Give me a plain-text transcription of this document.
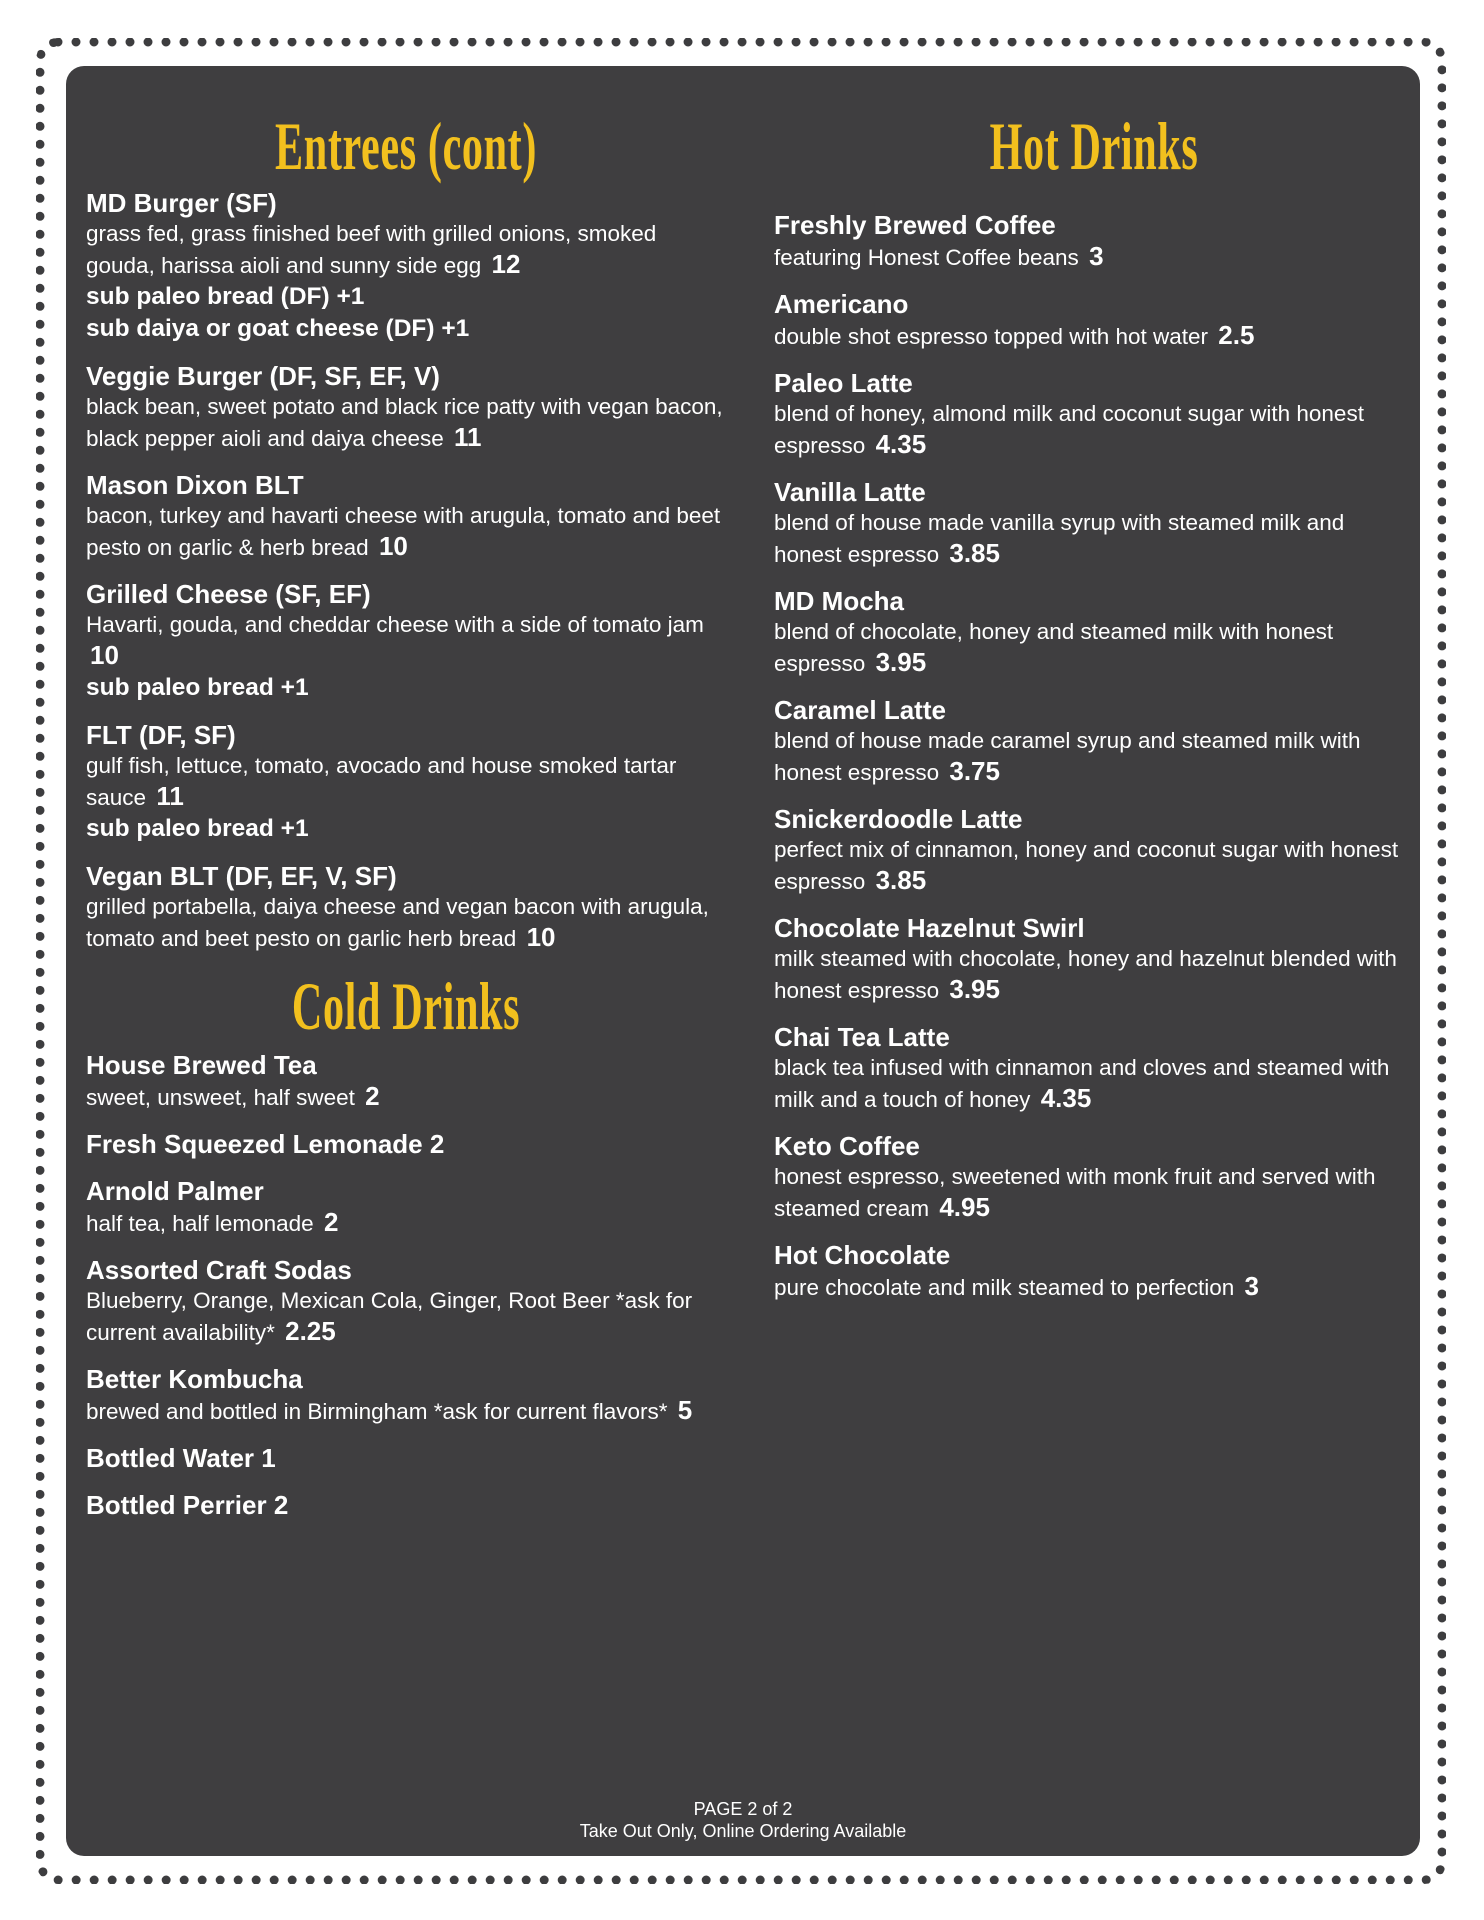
Entrees (cont)
MD Burger (SF)
grass fed, grass finished beef with grilled onions, smoked gouda, harissa aioli and sunny side egg 12
sub paleo bread (DF) +1
sub daiya or goat cheese (DF) +1
Veggie Burger (DF, SF, EF, V)
black bean, sweet potato and black rice patty with vegan bacon, black pepper aioli and daiya cheese 11
Mason Dixon BLT
bacon, turkey and havarti cheese with arugula, tomato and beet pesto on garlic & herb bread 10
Grilled Cheese (SF, EF)
Havarti, gouda, and cheddar cheese with a side of tomato jam 10
sub paleo bread +1
FLT (DF, SF)
gulf fish, lettuce, tomato, avocado and house smoked tartar sauce 11
sub paleo bread +1
Vegan BLT (DF, EF, V, SF)
grilled portabella, daiya cheese and vegan bacon with arugula, tomato and beet pesto on garlic herb bread 10
Cold Drinks
House Brewed Tea
sweet, unsweet, half sweet 2
Fresh Squeezed Lemonade 2
Arnold Palmer
half tea, half lemonade 2
Assorted Craft Sodas
Blueberry, Orange, Mexican Cola, Ginger, Root Beer *ask for current availability* 2.25
Better Kombucha
brewed and bottled in Birmingham *ask for current flavors* 5
Bottled Water 1
Bottled Perrier 2
Hot Drinks
Freshly Brewed Coffee
featuring Honest Coffee beans 3
Americano
double shot espresso topped with hot water 2.5
Paleo Latte
blend of honey, almond milk and coconut sugar with honest espresso 4.35
Vanilla Latte
blend of house made vanilla syrup with steamed milk and honest espresso 3.85
MD Mocha
blend of chocolate, honey and steamed milk with honest espresso 3.95
Caramel Latte
blend of house made caramel syrup and steamed milk with honest espresso 3.75
Snickerdoodle Latte
perfect mix of cinnamon, honey and coconut sugar with honest espresso 3.85
Chocolate Hazelnut Swirl
milk steamed with chocolate, honey and hazelnut blended with honest espresso 3.95
Chai Tea Latte
black tea infused with cinnamon and cloves and steamed with milk and a touch of honey 4.35
Keto Coffee
honest espresso, sweetened with monk fruit and served with steamed cream 4.95
Hot Chocolate
pure chocolate and milk steamed to perfection 3
PAGE 2 of 2
Take Out Only, Online Ordering Available
